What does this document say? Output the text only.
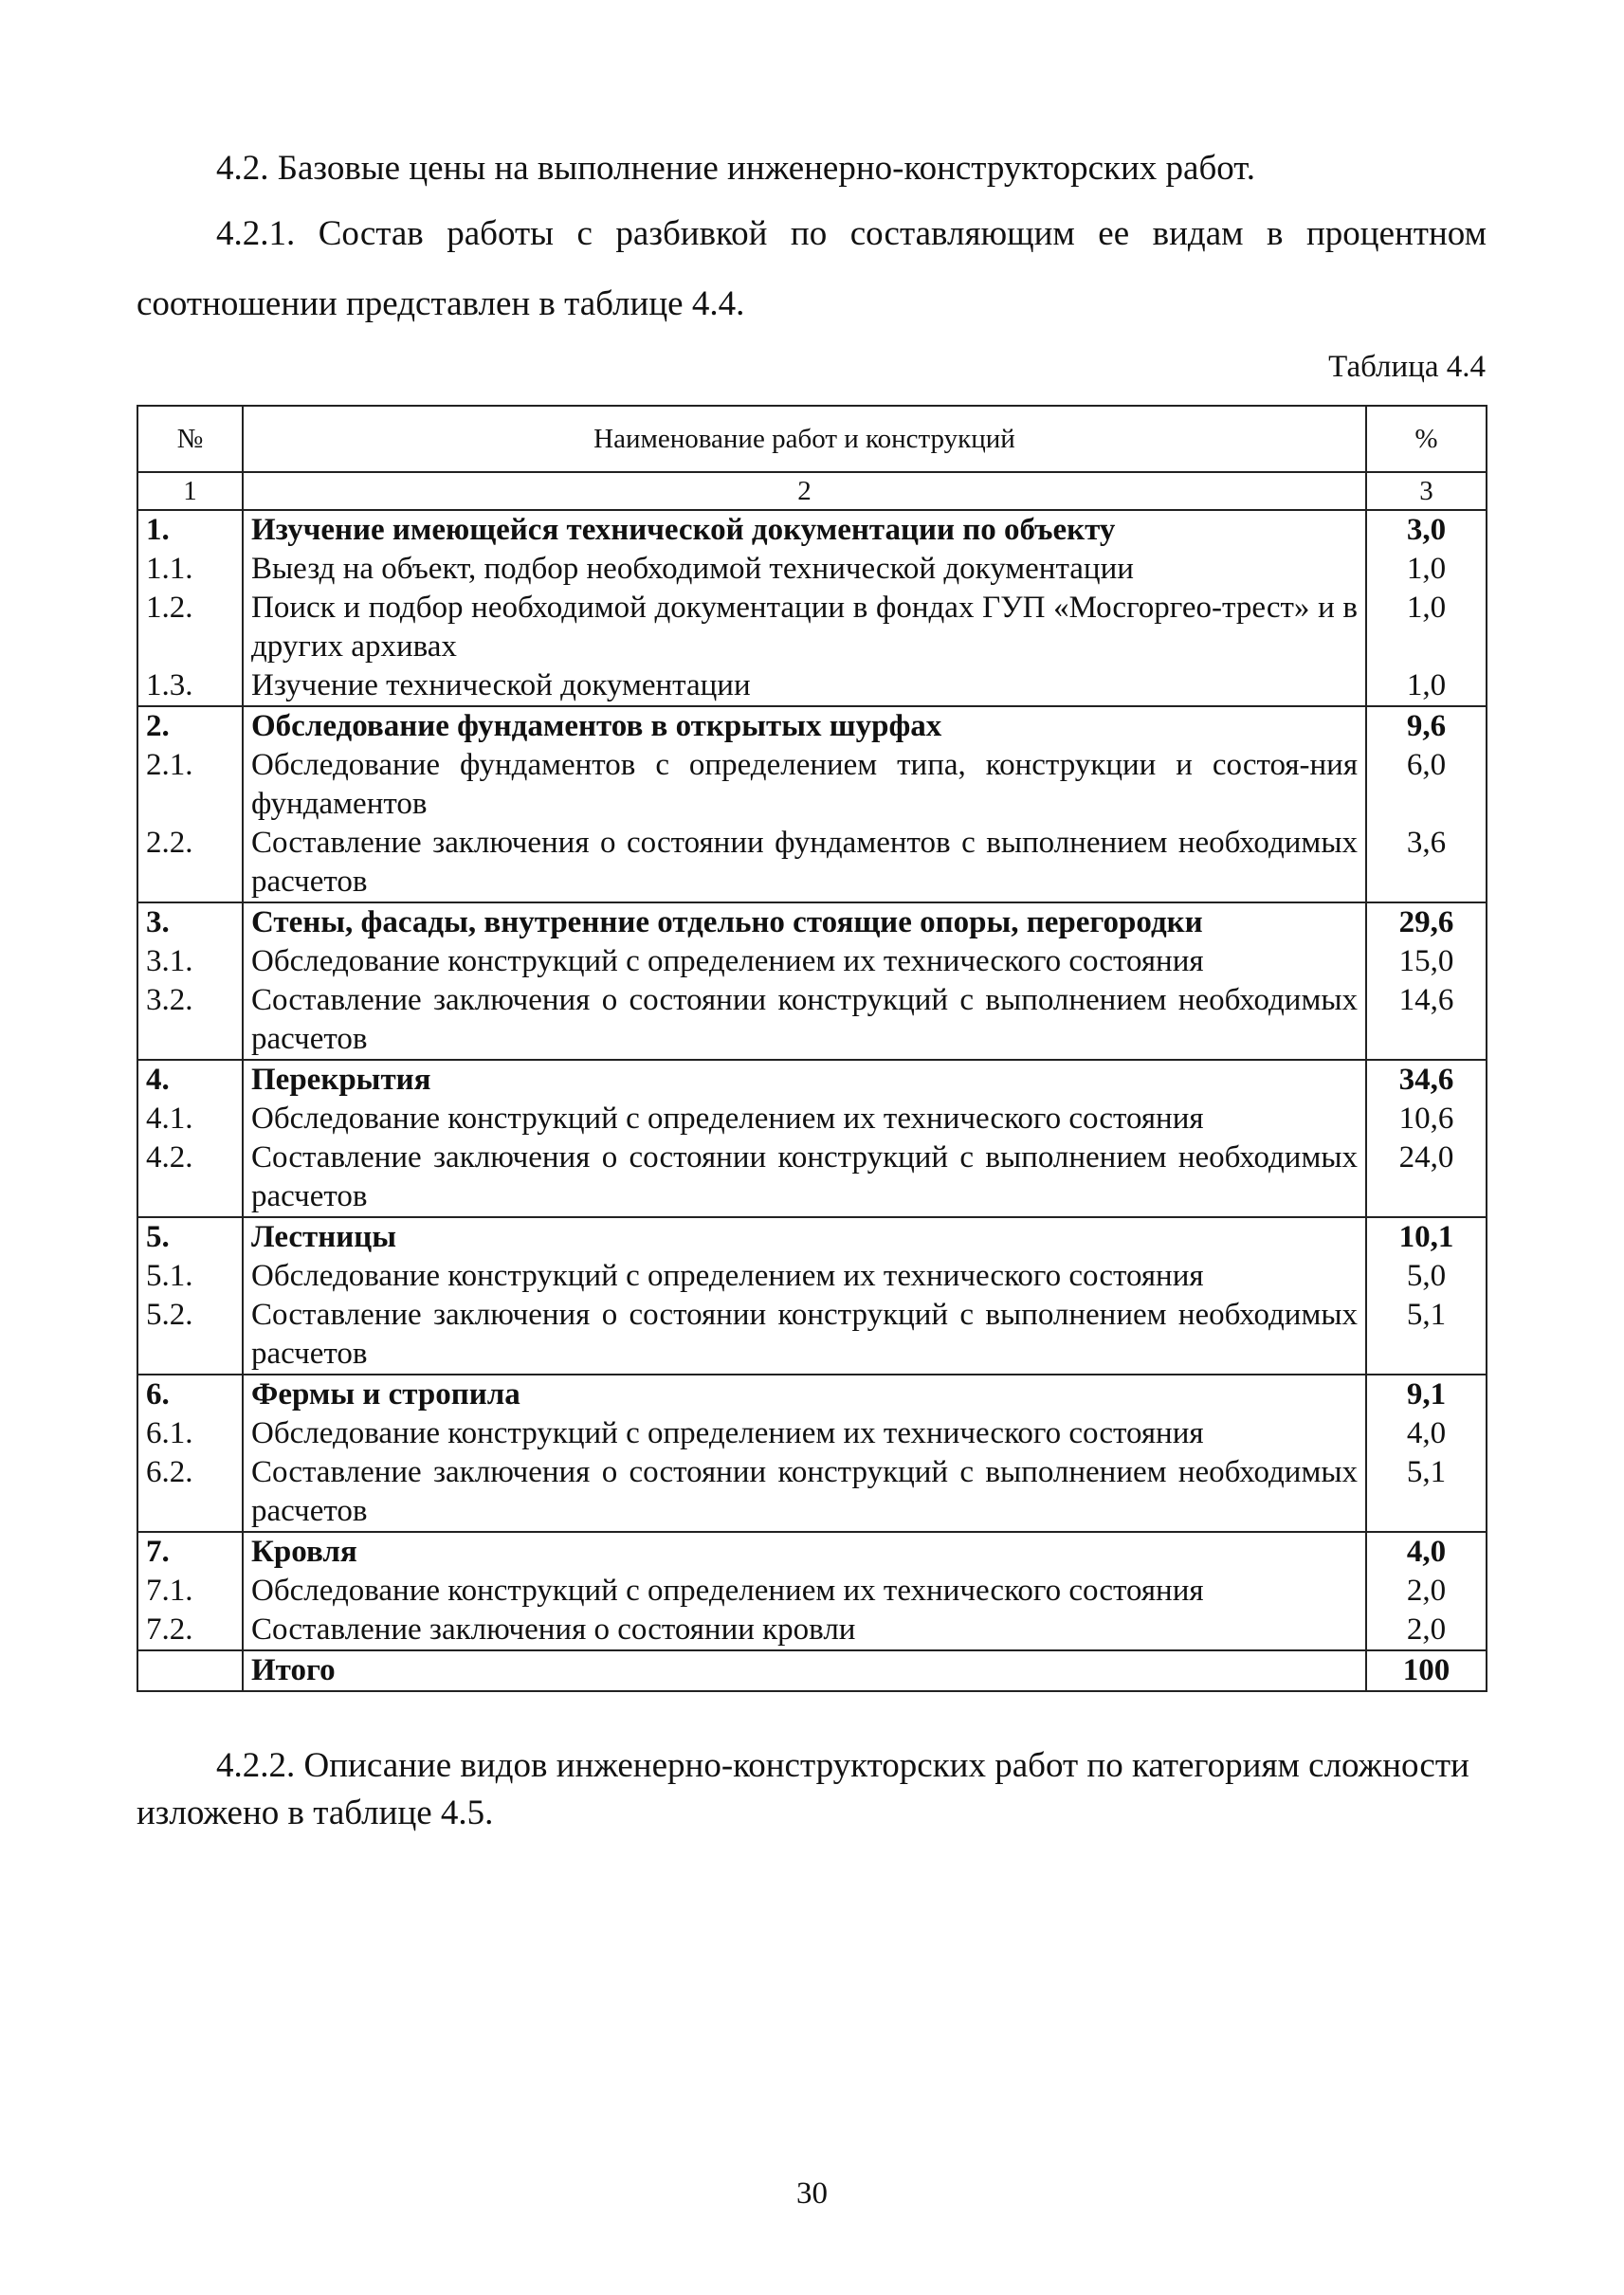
4.2. Базовые цены на выполнение инженерно-конструкторских работ.

4.2.1. Состав работы с разбивкой по составляющим ее видам в процентном

соотношении представлен в таблице 4.4.

Таблица 4.4

№	Наименование работ и конструкций	%
1	2	3
1.	Изучение имеющейся технической документации по объекту	3,0
1.1.	Выезд на объект, подбор необходимой технической документации	1,0
1.2.	Поиск и подбор необходимой документации в фондах ГУП «Мосгоргео-трест» и в других архивах	1,0
1.3.	Изучение технической документации	1,0
2.	Обследование фундаментов в открытых шурфах	9,6
2.1.	Обследование фундаментов с определением типа, конструкции и состоя-ния фундаментов	6,0
2.2.	Составление заключения о состоянии фундаментов с выполнением необходимых расчетов	3,6
3.	Стены, фасады, внутренние отдельно стоящие опоры, перегородки	29,6
3.1.	Обследование конструкций с определением их технического состояния	15,0
3.2.	Составление заключения о состоянии конструкций с выполнением необходимых расчетов	14,6
4.	Перекрытия	34,6
4.1.	Обследование конструкций с определением их технического состояния	10,6
4.2.	Составление заключения о состоянии конструкций с выполнением необходимых расчетов	24,0
5.	Лестницы	10,1
5.1.	Обследование конструкций с определением их технического состояния	5,0
5.2.	Составление заключения о состоянии конструкций с выполнением необходимых расчетов	5,1
6.	Фермы и стропила	9,1
6.1.	Обследование конструкций с определением их технического состояния	4,0
6.2.	Составление заключения о состоянии конструкций с выполнением необходимых расчетов	5,1
7.	Кровля	4,0
7.1.	Обследование конструкций с определением их технического состояния	2,0
7.2.	Составление заключения о состоянии кровли	2,0
	Итого	100

4.2.2. Описание видов инженерно-конструкторских работ по категориям сложности изложено в таблице 4.5.

30
